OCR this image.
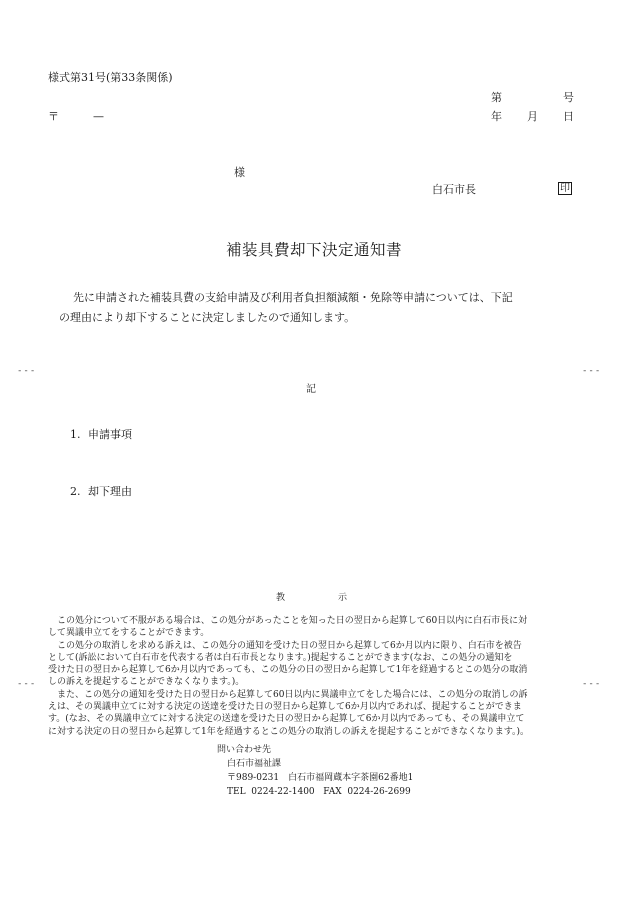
様式第31号(第33条関係)
第	号
〒	—	年 月 日
様
白石市長	印
補装具費却下決定通知書
先に申請された補装具費の支給申請及び利用者負担額減額・免除等申請については、下記
の理由により却下することに決定しましたので通知します。
---	---
---	---
記
1. 申請事項
2. 却下理由
教	示
　この処分について不服がある場合は、この処分があったことを知った日の翌日から起算して60日以内に白石市長に対
して異議申立てをすることができます。
　この処分の取消しを求める訴えは、この処分の通知を受けた日の翌日から起算して6か月以内に限り、白石市を被告
として(訴訟において白石市を代表する者は白石市長となります。)提起することができます(なお、この処分の通知を
受けた日の翌日から起算して6か月以内であっても、この処分の日の翌日から起算して1年を経過するとこの処分の取消
しの訴えを提起することができなくなります。)。
　また、この処分の通知を受けた日の翌日から起算して60日以内に異議申立てをした場合には、この処分の取消しの訴
えは、その異議申立てに対する決定の送達を受けた日の翌日から起算して6か月以内であれば、提起することができま
す。(なお、その異議申立てに対する決定の送達を受けた日の翌日から起算して6か月以内であっても、その異議申立て
に対する決定の日の翌日から起算して1年を経過するとこの処分の取消しの訴えを提起することができなくなります。)。
問い合わせ先
白石市福祉課
〒989-0231　白石市福岡蔵本字茶園62番地1
TEL 0224-22-1400 FAX 0224-26-2699
